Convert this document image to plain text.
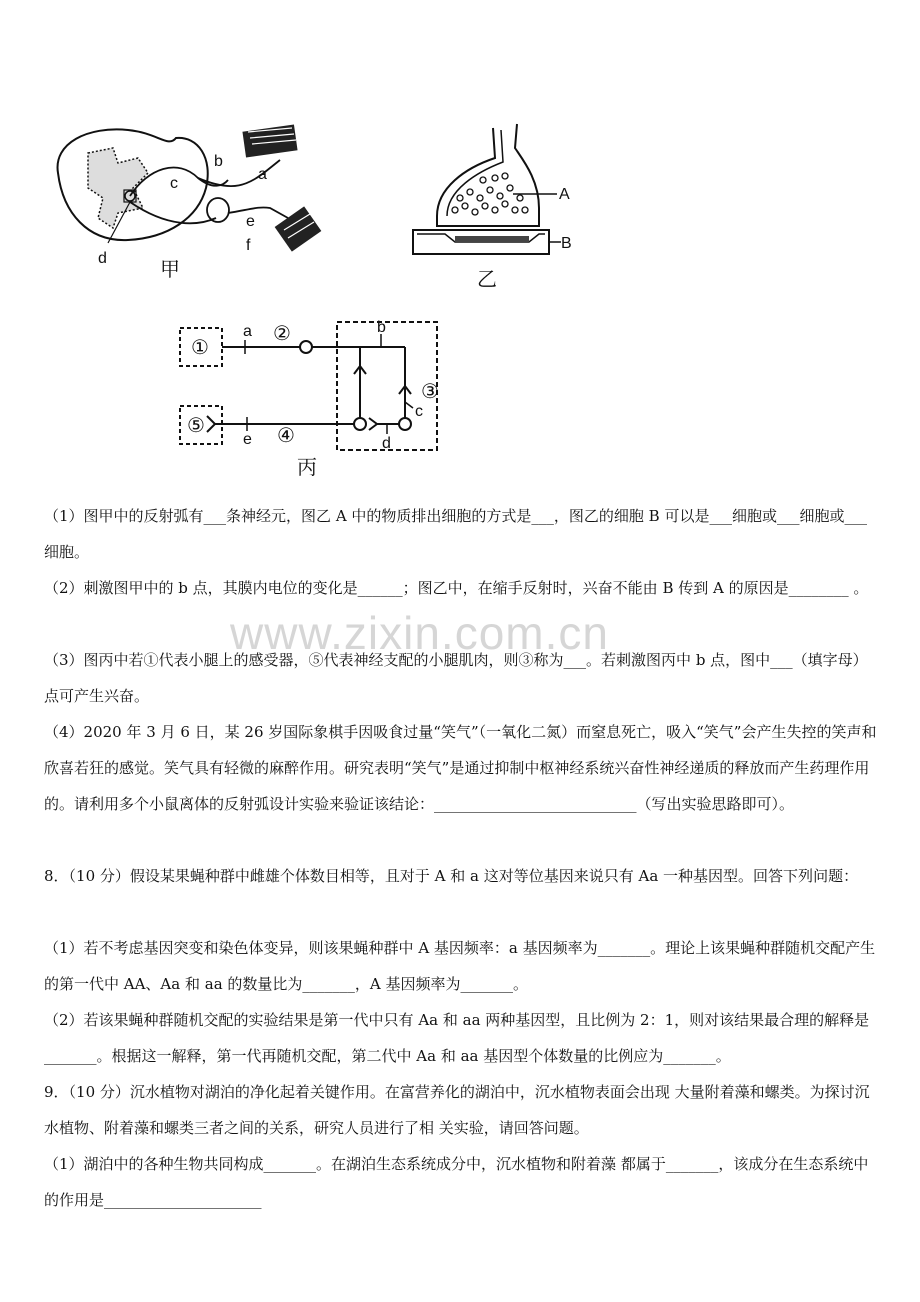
a
b
c
d
e
f
甲
A
B
乙
①
a ②	b
③
c
d
⑤
e ④
丙
www.zixin.com.cn

（1）图甲中的反射弧有___条神经元，图乙 A 中的物质排出细胞的方式是___，图乙的细胞 B 可以是___细胞或___细胞或___细胞。

（2）刺激图甲中的 b 点，其膜内电位的变化是______；图乙中，在缩手反射时，兴奋不能由 B 传到 A 的原因是________ 。

（3）图丙中若①代表小腿上的感受器，⑤代表神经支配的小腿肌肉，则③称为___。若刺激图丙中 b 点，图中___（填字母）点可产生兴奋。

（4）2020 年 3 月 6 日，某 26 岁国际象棋手因吸食过量“笑气”（一氧化二氮）而窒息死亡，吸入“笑气”会产生失控的笑声和欣喜若狂的感觉。笑气具有轻微的麻醉作用。研究表明“笑气”是通过抑制中枢神经系统兴奋性神经递质的释放而产生药理作用的。请利用多个小鼠离体的反射弧设计实验来验证该结论：___________________________（写出实验思路即可）。

8．（10 分）假设某果蝇种群中雌雄个体数目相等，且对于 A 和 a 这对等位基因来说只有 Aa 一种基因型。回答下列问题：

（1）若不考虑基因突变和染色体变异，则该果蝇种群中 A 基因频率：a 基因频率为_______。理论上该果蝇种群随机交配产生的第一代中 AA、Aa 和 aa 的数量比为_______，A 基因频率为_______。

（2）若该果蝇种群随机交配的实验结果是第一代中只有 Aa 和 aa 两种基因型，且比例为 2：1，则对该结果最合理的解释是_______。根据这一解释，第一代再随机交配，第二代中 Aa 和 aa 基因型个体数量的比例应为_______。

9．（10 分）沉水植物对湖泊的净化起着关键作用。在富营养化的湖泊中，沉水植物表面会出现 大量附着藻和螺类。为探讨沉水植物、附着藻和螺类三者之间的关系，研究人员进行了相 关实验，请回答问题。

（1）湖泊中的各种生物共同构成_______。在湖泊生态系统成分中，沉水植物和附着藻 都属于_______，该成分在生态系统中的作用是_____________________
